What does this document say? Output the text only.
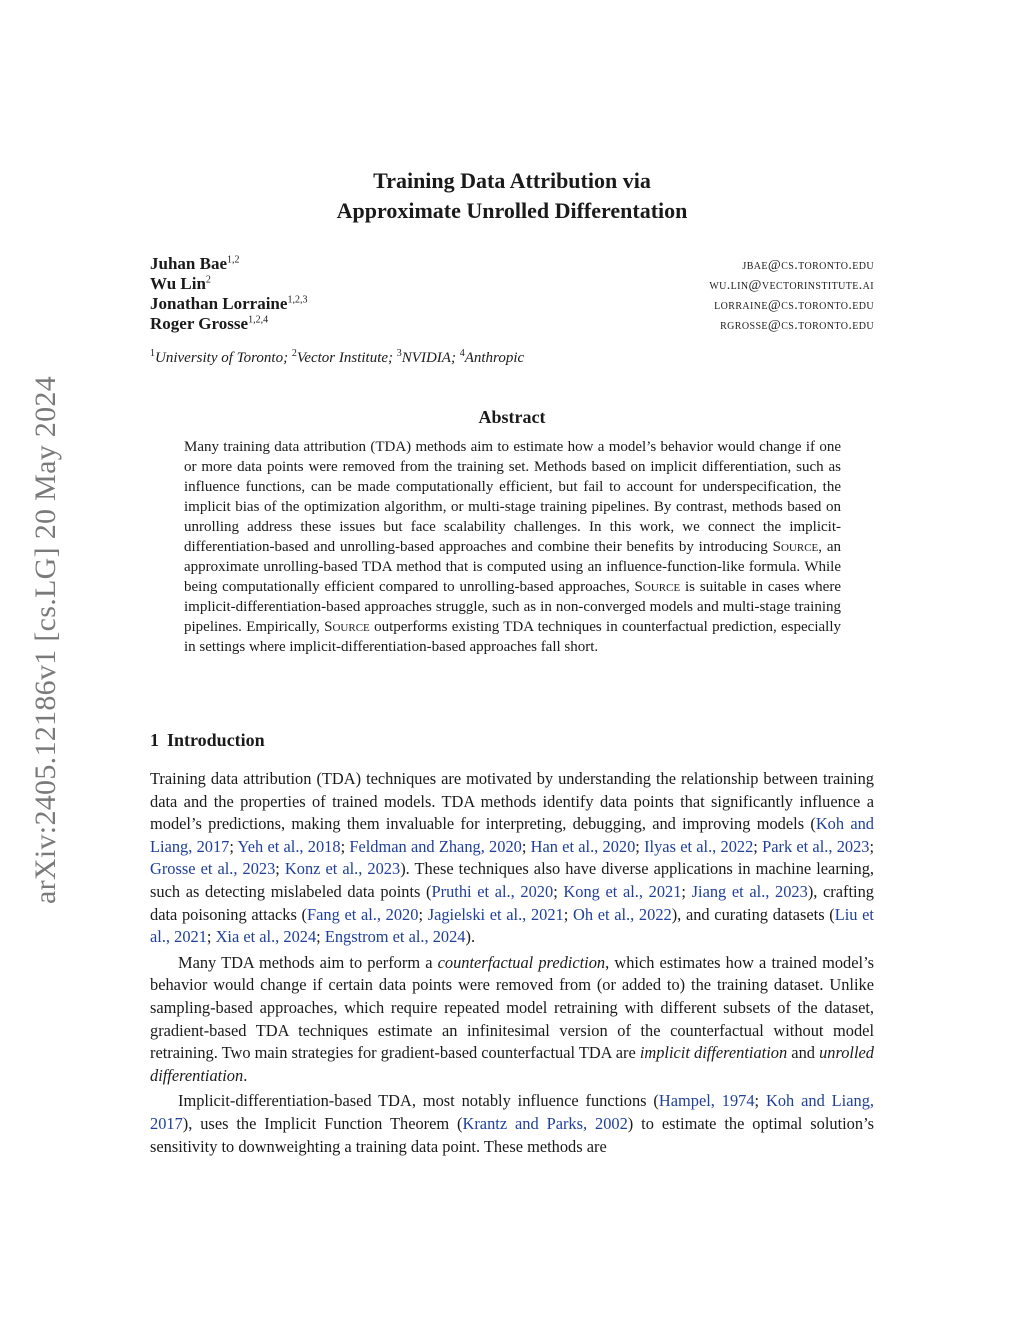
arXiv:2405.12186v1 [cs.LG] 20 May 2024
Training Data Attribution via
Approximate Unrolled Differentation
Juhan Bae$^{1,2}$	jbae@cs.toronto.edu
Wu Lin$^2$	wu.lin@vectorinstitute.ai
Jonathan Lorraine$^{1,2,3}$	lorraine@cs.toronto.edu
Roger Grosse$^{1,2,4}$	rgrosse@cs.toronto.edu
$^1$University of Toronto; $^2$Vector Institute; $^3$NVIDIA; $^4$Anthropic
Abstract
Many training data attribution (TDA) methods aim to estimate how a model’s behavior would change if one or more data points were removed from the training set. Methods based on implicit differentiation, such as influence functions, can be made computationally efficient, but fail to account for underspecification, the implicit bias of the optimization algorithm, or multi-stage training pipelines. By contrast, methods based on unrolling address these issues but face scalability challenges. In this work, we connect the implicit-differentiation-based and unrolling-based approaches and combine their benefits by introducing Source, an approximate unrolling-based TDA method that is computed using an influence-function-like formula. While being computationally efficient compared to unrolling-based approaches, Source is suitable in cases where implicit-differentiation-based approaches struggle, such as in non-converged models and multi-stage training pipelines. Empirically, Source outperforms existing TDA techniques in counterfactual prediction, especially in settings where implicit-differentiation-based approaches fall short.
1 Introduction

Training data attribution (TDA) techniques are motivated by understanding the relationship between training data and the properties of trained models. TDA methods identify data points that significantly influence a model’s predictions, making them invaluable for interpreting, debugging, and improving models (Koh and Liang, 2017; Yeh et al., 2018; Feldman and Zhang, 2020; Han et al., 2020; Ilyas et al., 2022; Park et al., 2023; Grosse et al., 2023; Konz et al., 2023). These techniques also have diverse applications in machine learning, such as detecting mislabeled data points (Pruthi et al., 2020; Kong et al., 2021; Jiang et al., 2023), crafting data poisoning attacks (Fang et al., 2020; Jagielski et al., 2021; Oh et al., 2022), and curating datasets (Liu et al., 2021; Xia et al., 2024; Engstrom et al., 2024).

Many TDA methods aim to perform a counterfactual prediction, which estimates how a trained model’s behavior would change if certain data points were removed from (or added to) the training dataset. Unlike sampling-based approaches, which require repeated model retraining with different subsets of the dataset, gradient-based TDA techniques estimate an infinitesimal version of the counterfactual without model retraining. Two main strategies for gradient-based counterfactual TDA are implicit differentiation and unrolled differentiation.

Implicit-differentiation-based TDA, most notably influence functions (Hampel, 1974; Koh and Liang, 2017), uses the Implicit Function Theorem (Krantz and Parks, 2002) to estimate the optimal solution’s sensitivity to downweighting a training data point. These methods are
